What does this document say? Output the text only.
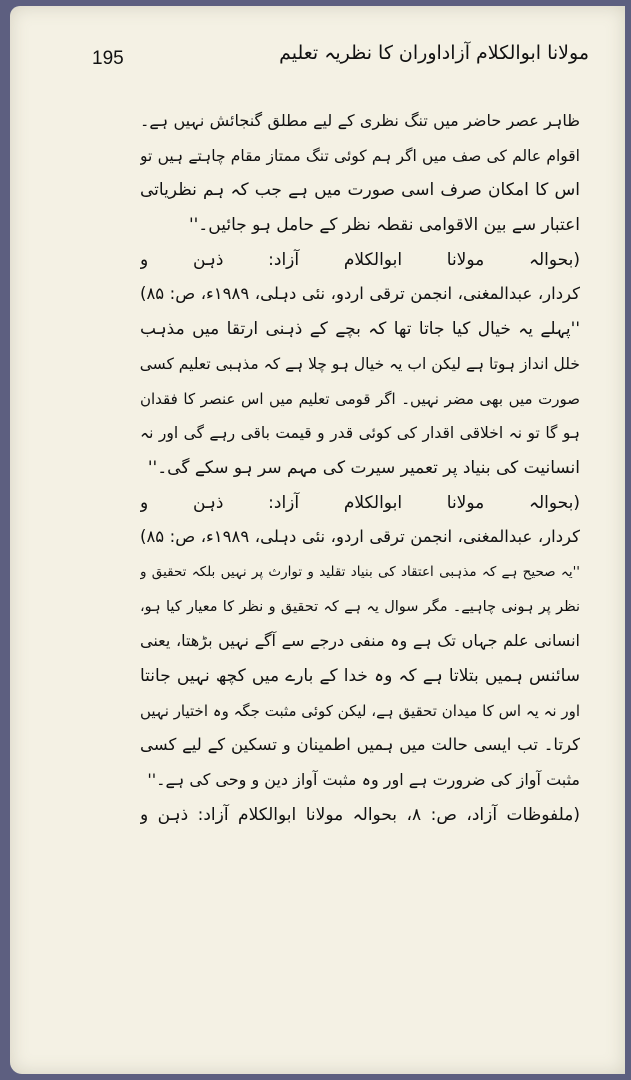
195	مولانا ابوالکلام آزاداوران کا نظریہ تعلیم
ظاہر عصر حاضر میں تنگ نظری کے لیے مطلق گنجائش نہیں ہے۔
اقوام عالم کی صف میں اگر ہم کوئی تنگ ممتاز مقام چاہتے ہیں تو
اس کا امکان صرف اسی صورت میں ہے جب کہ ہم نظریاتی
اعتبار سے بین الاقوامی نقطہ نظر کے حامل ہو جائیں۔''
(بحوالہ مولانا ابوالکلام آزاد: ذہن و
کردار، عبدالمغنی، انجمن ترقی اردو، نئی دہلی، ۱۹۸۹ء، ص: ۸۵)
''پہلے یہ خیال کیا جاتا تھا کہ بچے کے ذہنی ارتقا میں مذہب
خلل انداز ہوتا ہے لیکن اب یہ خیال ہو چلا ہے کہ مذہبی تعلیم کسی
صورت میں بھی مضر نہیں۔ اگر قومی تعلیم میں اس عنصر کا فقدان
ہو گا تو نہ اخلاقی اقدار کی کوئی قدر و قیمت باقی رہے گی اور نہ
انسانیت کی بنیاد پر تعمیر سیرت کی مہم سر ہو سکے گی۔''
(بحوالہ مولانا ابوالکلام آزاد: ذہن و
کردار، عبدالمغنی، انجمن ترقی اردو، نئی دہلی، ۱۹۸۹ء، ص: ۸۵)
''یہ صحیح ہے کہ مذہبی اعتقاد کی بنیاد تقلید و توارث پر نہیں بلکہ تحقیق و
نظر پر ہونی چاہیے۔ مگر سوال یہ ہے کہ تحقیق و نظر کا معیار کیا ہو،
انسانی علم جہاں تک ہے وہ منفی درجے سے آگے نہیں بڑھتا، یعنی
سائنس ہمیں بتلاتا ہے کہ وہ خدا کے بارے میں کچھ نہیں جانتا
اور نہ یہ اس کا میدان تحقیق ہے، لیکن کوئی مثبت جگہ وہ اختیار نہیں
کرتا۔ تب ایسی حالت میں ہمیں اطمینان و تسکین کے لیے کسی
مثبت آواز کی ضرورت ہے اور وہ مثبت آواز دین و وحی کی ہے۔''
(ملفوظات آزاد، ص: ۸، بحوالہ مولانا ابوالکلام آزاد: ذہن و
